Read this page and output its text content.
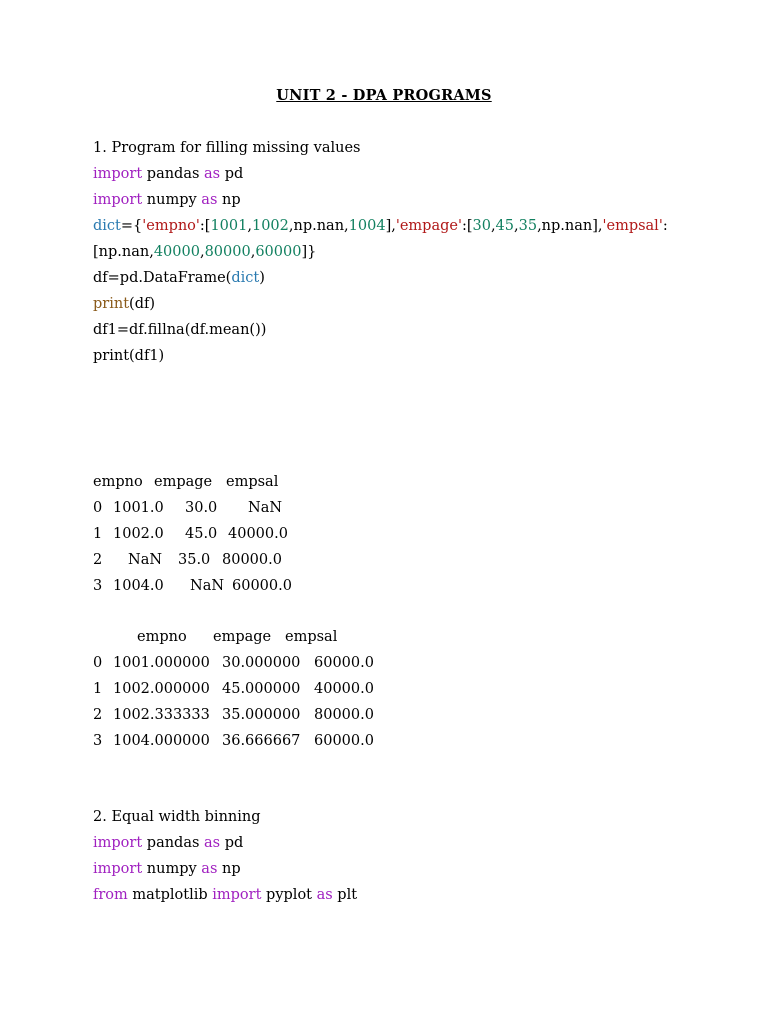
UNIT 2 - DPA PROGRAMS
1. Program for filling missing values
import pandas as pd
import numpy as np
dict={'empno':[1001,1002,np.nan,1004],'empage':[30,45,35,np.nan],'empsal':
[np.nan,40000,80000,60000]}
df=pd.DataFrame(dict)
print(df)
df1=df.fillna(df.mean())
print(df1)
empno empage empsal
0 1001.0 30.0 NaN
1 1002.0 45.0 40000.0
2 NaN 35.0 80000.0
3 1004.0 NaN 60000.0
empno empage empsal
0 1001.000000 30.000000 60000.0
1 1002.000000 45.000000 40000.0
2 1002.333333 35.000000 80000.0
3 1004.000000 36.666667 60000.0
2. Equal width binning
import pandas as pd
import numpy as np
from matplotlib import pyplot as plt
